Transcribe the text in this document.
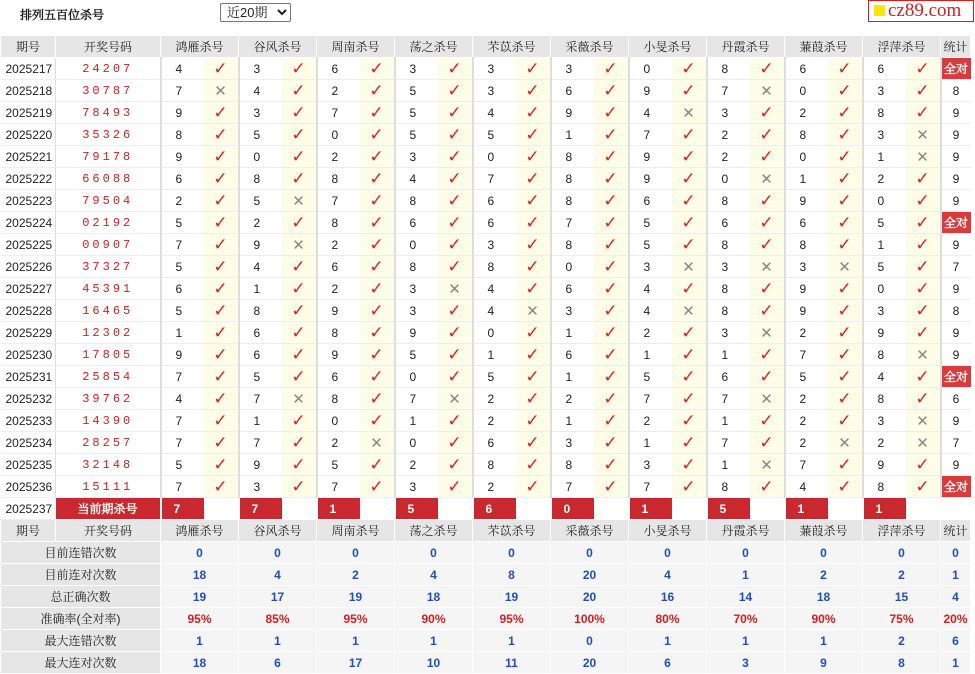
排列五百位杀号
近20期	cz89.com
期号	开奖号码	鸿雁杀号		谷风杀号		周南杀号		荡之杀号		芣苡杀号		采薇杀号		小旻杀号		丹霞杀号		蒹葭杀号		浮萍杀号		统计
2025217	24207	4	✓	3	✓	6	✓	3	✓	3	✓	3	✓	0	✓	8	✓	6	✓	6	✓	全对
2025218	30787	7	✕	4	✓	2	✓	5	✓	3	✓	6	✓	9	✓	7	✕	0	✓	3	✓	8
2025219	78493	9	✓	3	✓	7	✓	5	✓	4	✓	9	✓	4	✕	3	✓	2	✓	8	✓	9
2025220	35326	8	✓	5	✓	0	✓	5	✓	5	✓	1	✓	7	✓	2	✓	8	✓	3	✕	9
2025221	79178	9	✓	0	✓	2	✓	3	✓	0	✓	8	✓	9	✓	2	✓	0	✓	1	✕	9
2025222	66088	6	✓	8	✓	8	✓	4	✓	7	✓	8	✓	9	✓	0	✕	1	✓	2	✓	9
2025223	79504	2	✓	5	✕	7	✓	8	✓	6	✓	8	✓	6	✓	8	✓	9	✓	0	✓	9
2025224	02192	5	✓	2	✓	8	✓	6	✓	6	✓	7	✓	5	✓	6	✓	6	✓	5	✓	全对
2025225	00907	7	✓	9	✕	2	✓	0	✓	3	✓	8	✓	5	✓	8	✓	8	✓	1	✓	9
2025226	37327	5	✓	4	✓	6	✓	8	✓	8	✓	0	✓	3	✕	3	✕	3	✕	5	✓	7
2025227	45391	6	✓	1	✓	2	✓	3	✕	4	✓	6	✓	4	✓	8	✓	9	✓	0	✓	9
2025228	16465	5	✓	8	✓	9	✓	3	✓	4	✕	3	✓	4	✕	8	✓	9	✓	3	✓	8
2025229	12302	1	✓	6	✓	8	✓	9	✓	0	✓	1	✓	2	✓	3	✕	2	✓	9	✓	9
2025230	17805	9	✓	6	✓	9	✓	5	✓	1	✓	6	✓	1	✓	1	✓	7	✓	8	✕	9
2025231	25854	7	✓	5	✓	6	✓	0	✓	5	✓	1	✓	5	✓	6	✓	5	✓	4	✓	全对
2025232	39762	4	✓	7	✕	8	✓	7	✕	2	✓	2	✓	7	✓	7	✕	2	✓	8	✓	6
2025233	14390	7	✓	1	✓	0	✓	1	✓	2	✓	1	✓	2	✓	1	✓	2	✓	3	✕	9
2025234	28257	7	✓	7	✓	2	✕	0	✓	6	✓	3	✓	1	✓	7	✓	2	✕	2	✕	7
2025235	32148	5	✓	9	✓	5	✓	2	✓	8	✓	8	✓	3	✓	1	✕	7	✓	9	✓	9
2025236	15111	7	✓	3	✓	7	✓	3	✓	2	✓	7	✓	7	✓	8	✓	4	✓	8	✓	全对
2025237	当前期杀号	7		7		1		5		6		0		1		5		1		1		
期号	开奖号码	鸿雁杀号		谷风杀号		周南杀号		荡之杀号		芣苡杀号		采薇杀号		小旻杀号		丹霞杀号		蒹葭杀号		浮萍杀号		统计
目前连错次数		0		0		0		0		0		0		0		0		0		0		0
目前连对次数		18		4		2		4		8		20		4		1		2		2		1
总正确次数		19		17		19		18		19		20		16		14		18		15		4
准确率(全对率)		95%		85%		95%		90%		95%		100%		80%		70%		90%		75%		20%
最大连错次数		1		1		1		1		1		0		1		1		1		2		6
最大连对次数		18		6		17		10		11		20		6		3		9		8		1
